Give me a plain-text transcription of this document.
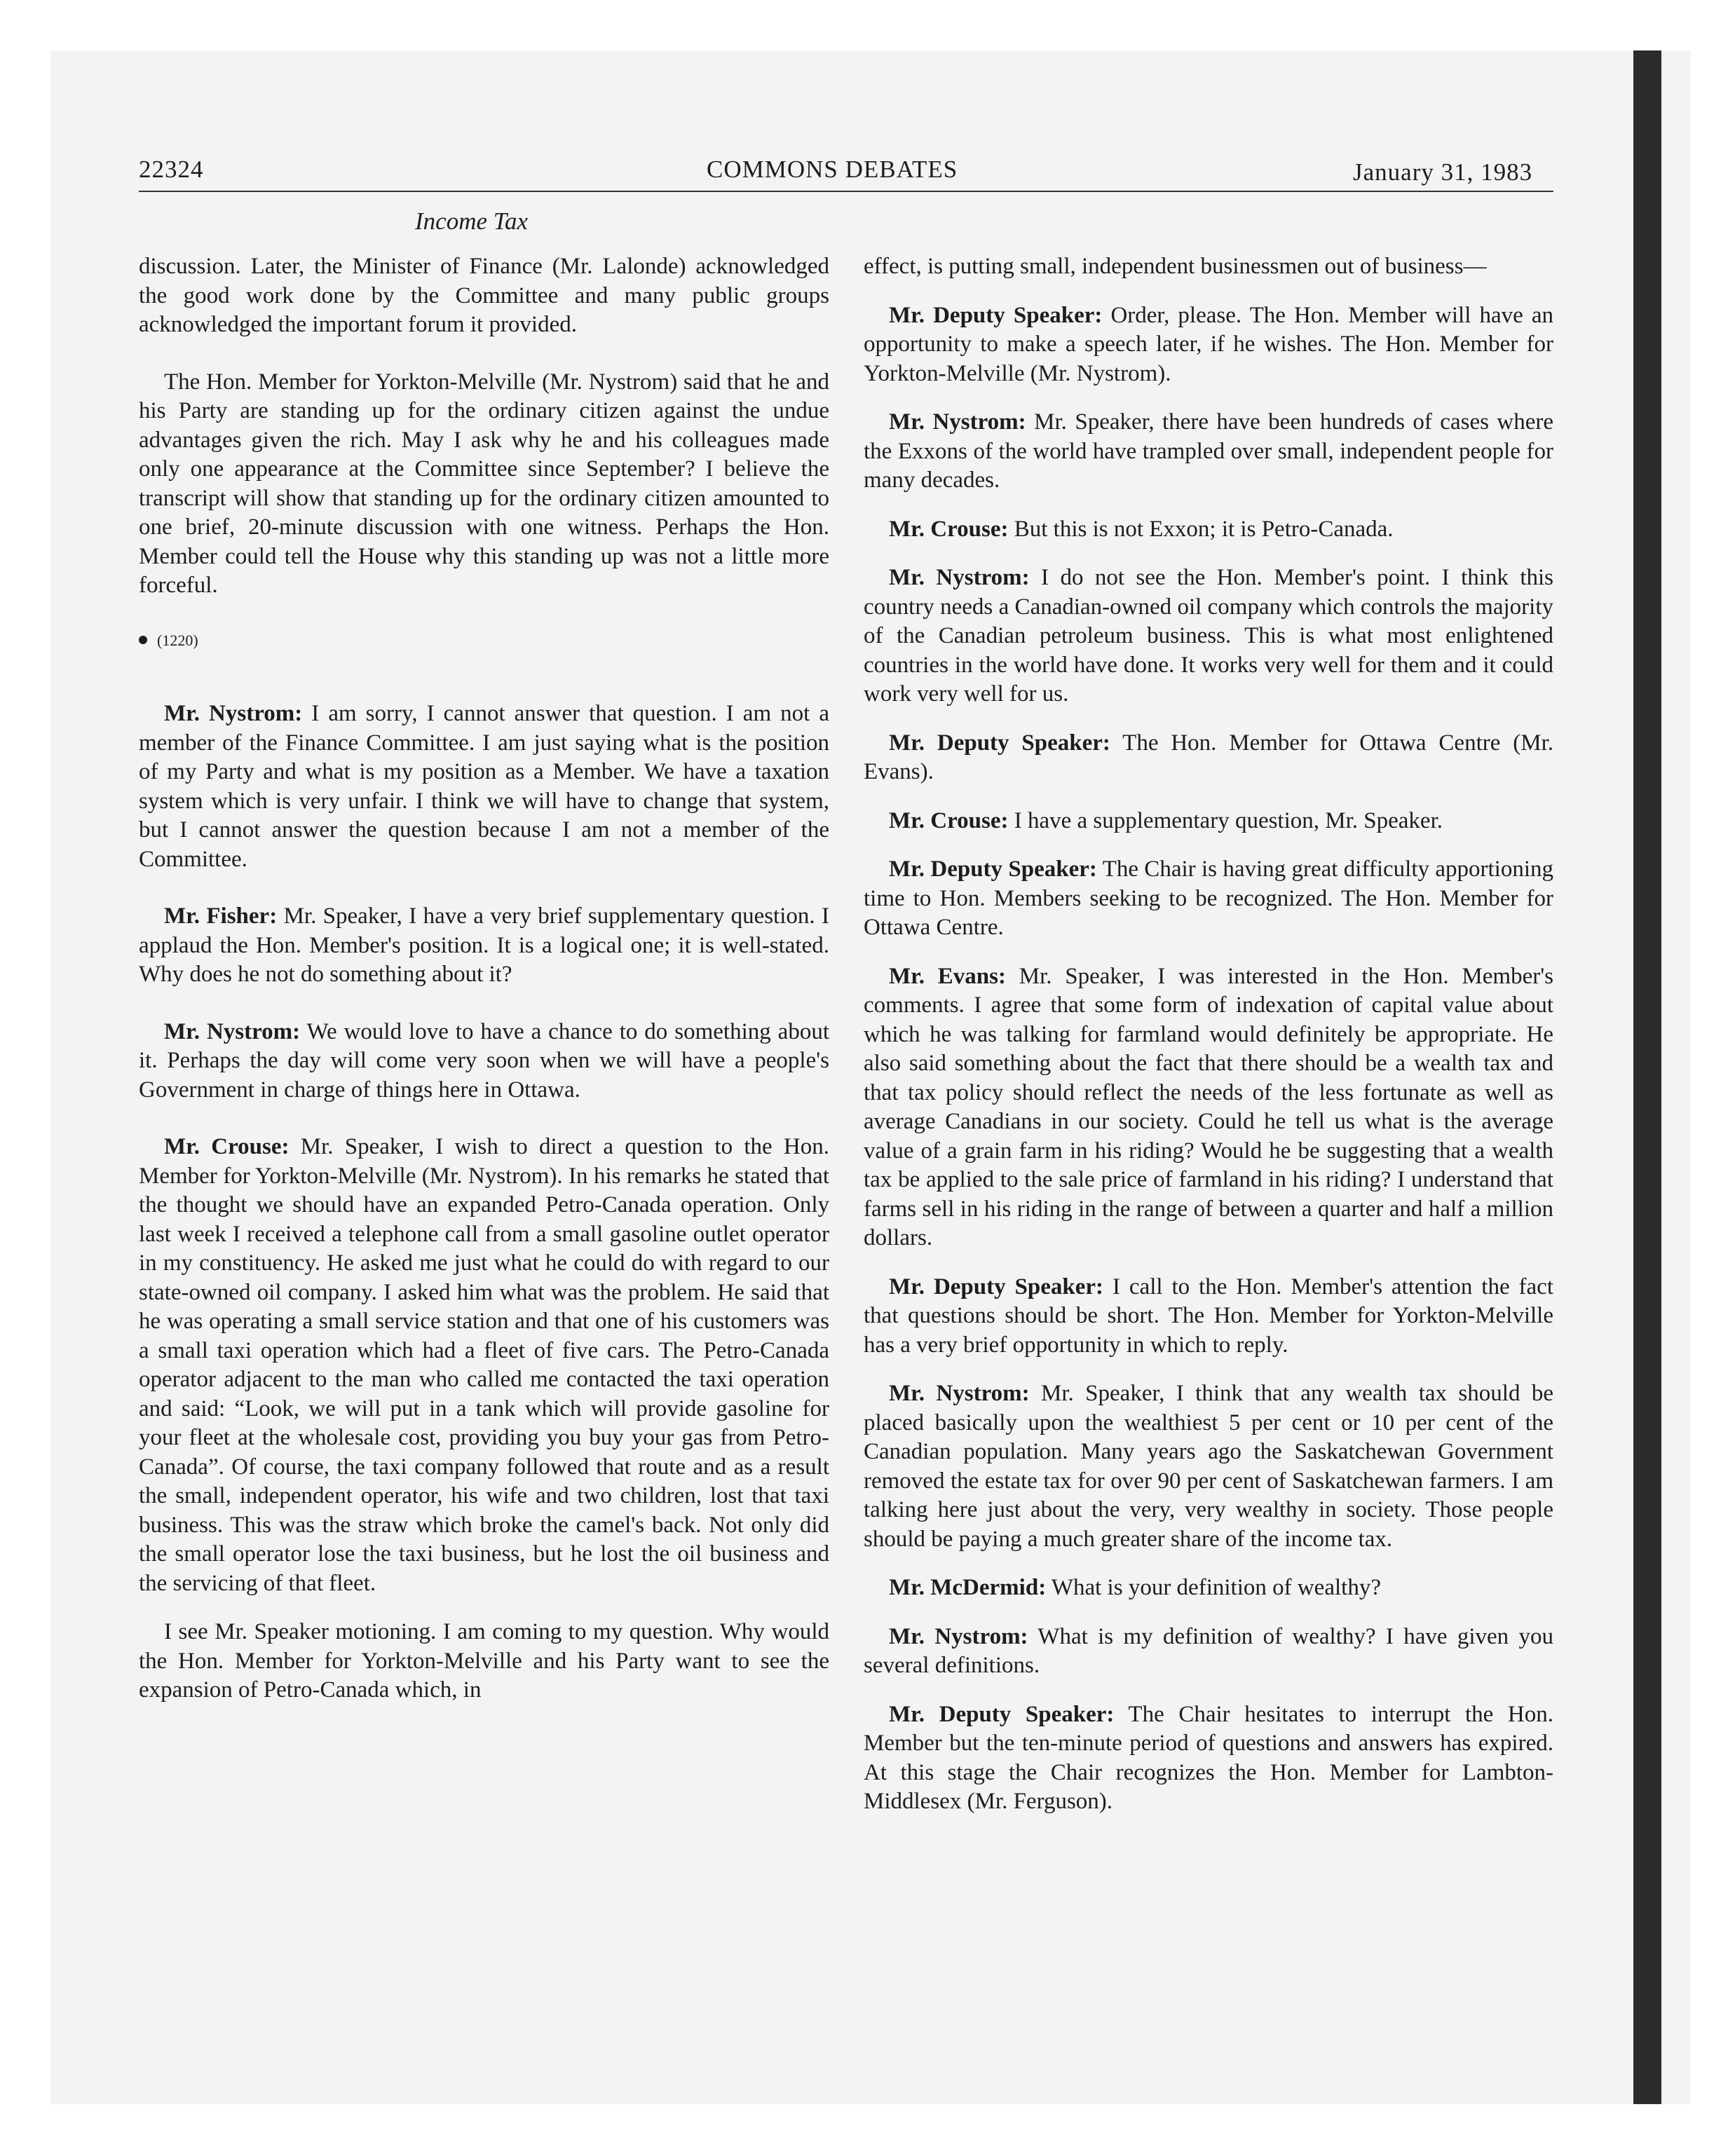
22324	COMMONS DEBATES	January 31, 1983
Income Tax

discussion. Later, the Minister of Finance (Mr. Lalonde) acknowledged the good work done by the Committee and many public groups acknowledged the important forum it provided.

The Hon. Member for Yorkton-Melville (Mr. Nystrom) said that he and his Party are standing up for the ordinary citizen against the undue advantages given the rich. May I ask why he and his colleagues made only one appearance at the Committee since September? I believe the transcript will show that standing up for the ordinary citizen amounted to one brief, 20-minute discussion with one witness. Perhaps the Hon. Member could tell the House why this standing up was not a little more forceful.

(1220)

Mr. Nystrom: I am sorry, I cannot answer that question. I am not a member of the Finance Committee. I am just saying what is the position of my Party and what is my position as a Member. We have a taxation system which is very unfair. I think we will have to change that system, but I cannot answer the question because I am not a member of the Committee.

Mr. Fisher: Mr. Speaker, I have a very brief supplementary question. I applaud the Hon. Member's position. It is a logical one; it is well-stated. Why does he not do something about it?

Mr. Nystrom: We would love to have a chance to do something about it. Perhaps the day will come very soon when we will have a people's Government in charge of things here in Ottawa.

Mr. Crouse: Mr. Speaker, I wish to direct a question to the Hon. Member for Yorkton-Melville (Mr. Nystrom). In his remarks he stated that the thought we should have an expanded Petro-Canada operation. Only last week I received a telephone call from a small gasoline outlet operator in my constituency. He asked me just what he could do with regard to our state-owned oil company. I asked him what was the problem. He said that he was operating a small service station and that one of his customers was a small taxi operation which had a fleet of five cars. The Petro-Canada operator adjacent to the man who called me contacted the taxi operation and said: “Look, we will put in a tank which will provide gasoline for your fleet at the wholesale cost, providing you buy your gas from Petro-Canada”. Of course, the taxi company followed that route and as a result the small, independent operator, his wife and two children, lost that taxi business. This was the straw which broke the camel's back. Not only did the small operator lose the taxi business, but he lost the oil business and the servicing of that fleet.

I see Mr. Speaker motioning. I am coming to my question. Why would the Hon. Member for Yorkton-Melville and his Party want to see the expansion of Petro-Canada which, in

effect, is putting small, independent businessmen out of business—

Mr. Deputy Speaker: Order, please. The Hon. Member will have an opportunity to make a speech later, if he wishes. The Hon. Member for Yorkton-Melville (Mr. Nystrom).

Mr. Nystrom: Mr. Speaker, there have been hundreds of cases where the Exxons of the world have trampled over small, independent people for many decades.

Mr. Crouse: But this is not Exxon; it is Petro-Canada.

Mr. Nystrom: I do not see the Hon. Member's point. I think this country needs a Canadian-owned oil company which controls the majority of the Canadian petroleum business. This is what most enlightened countries in the world have done. It works very well for them and it could work very well for us.

Mr. Deputy Speaker: The Hon. Member for Ottawa Centre (Mr. Evans).

Mr. Crouse: I have a supplementary question, Mr. Speaker.

Mr. Deputy Speaker: The Chair is having great difficulty apportioning time to Hon. Members seeking to be recognized. The Hon. Member for Ottawa Centre.

Mr. Evans: Mr. Speaker, I was interested in the Hon. Member's comments. I agree that some form of indexation of capital value about which he was talking for farmland would definitely be appropriate. He also said something about the fact that there should be a wealth tax and that tax policy should reflect the needs of the less fortunate as well as average Canadians in our society. Could he tell us what is the average value of a grain farm in his riding? Would he be suggesting that a wealth tax be applied to the sale price of farmland in his riding? I understand that farms sell in his riding in the range of between a quarter and half a million dollars.

Mr. Deputy Speaker: I call to the Hon. Member's attention the fact that questions should be short. The Hon. Member for Yorkton-Melville has a very brief opportunity in which to reply.

Mr. Nystrom: Mr. Speaker, I think that any wealth tax should be placed basically upon the wealthiest 5 per cent or 10 per cent of the Canadian population. Many years ago the Saskatchewan Government removed the estate tax for over 90 per cent of Saskatchewan farmers. I am talking here just about the very, very wealthy in society. Those people should be paying a much greater share of the income tax.

Mr. McDermid: What is your definition of wealthy?

Mr. Nystrom: What is my definition of wealthy? I have given you several definitions.

Mr. Deputy Speaker: The Chair hesitates to interrupt the Hon. Member but the ten-minute period of questions and answers has expired. At this stage the Chair recognizes the Hon. Member for Lambton-Middlesex (Mr. Ferguson).
